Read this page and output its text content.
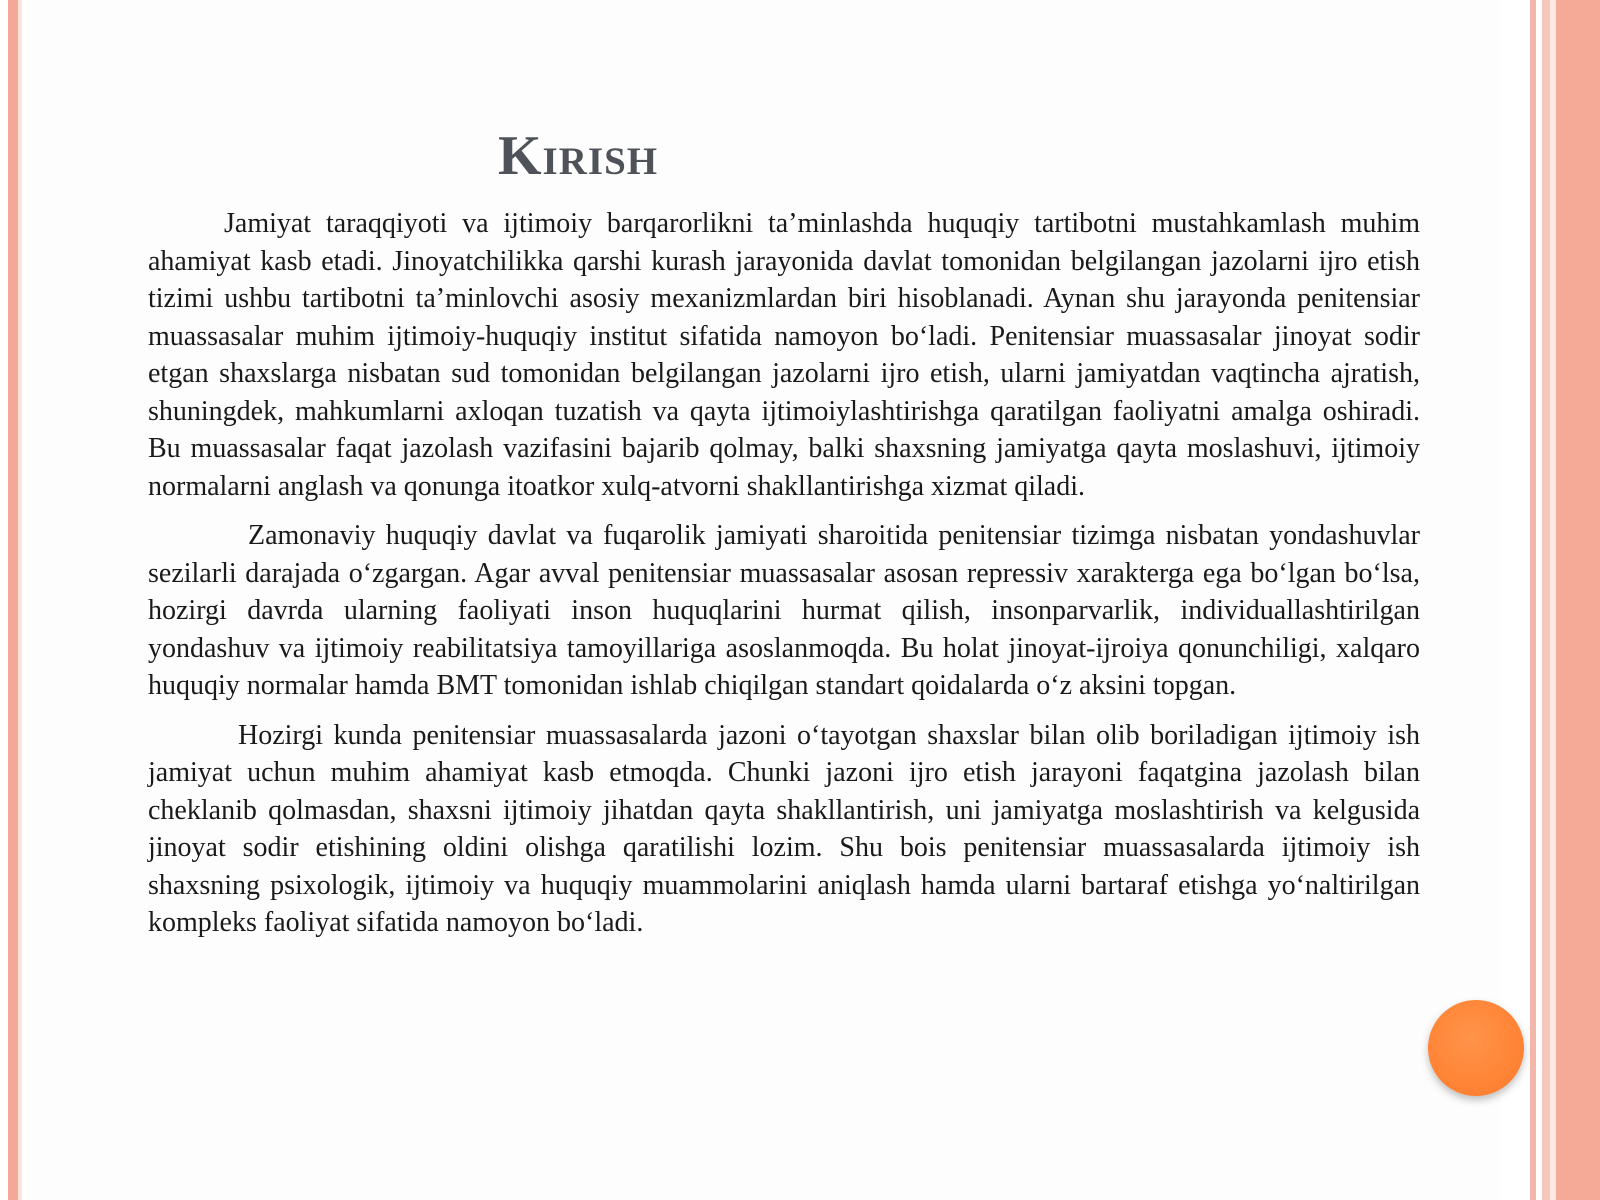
Kirish

Jamiyat taraqqiyoti va ijtimoiy barqarorlikni ta’minlashda huquqiy tartibotni mustahkamlash muhim ahamiyat kasb etadi. Jinoyatchilikka qarshi kurash jarayonida davlat tomonidan belgilangan jazolarni ijro etish tizimi ushbu tartibotni ta’minlovchi asosiy mexanizmlardan biri hisoblanadi. Aynan shu jarayonda penitensiar muassasalar muhim ijtimoiy-huquqiy institut sifatida namoyon bo‘ladi. Penitensiar muassasalar jinoyat sodir etgan shaxslarga nisbatan sud tomonidan belgilangan jazolarni ijro etish, ularni jamiyatdan vaqtincha ajratish, shuningdek, mahkumlarni axloqan tuzatish va qayta ijtimoiylashtirishga qaratilgan faoliyatni amalga oshiradi. Bu muassasalar faqat jazolash vazifasini bajarib qolmay, balki shaxsning jamiyatga qayta moslashuvi, ijtimoiy normalarni anglash va qonunga itoatkor xulq-atvorni shakllantirishga xizmat qiladi.

Zamonaviy huquqiy davlat va fuqarolik jamiyati sharoitida penitensiar tizimga nisbatan yondashuvlar sezilarli darajada o‘zgargan. Agar avval penitensiar muassasalar asosan repressiv xarakterga ega bo‘lgan bo‘lsa, hozirgi davrda ularning faoliyati inson huquqlarini hurmat qilish, insonparvarlik, individuallashtirilgan yondashuv va ijtimoiy reabilitatsiya tamoyillariga asoslanmoqda. Bu holat jinoyat-ijroiya qonunchiligi, xalqaro huquqiy normalar hamda BMT tomonidan ishlab chiqilgan standart qoidalarda o‘z aksini topgan.

Hozirgi kunda penitensiar muassasalarda jazoni o‘tayotgan shaxslar bilan olib boriladigan ijtimoiy ish jamiyat uchun muhim ahamiyat kasb etmoqda. Chunki jazoni ijro etish jarayoni faqatgina jazolash bilan cheklanib qolmasdan, shaxsni ijtimoiy jihatdan qayta shakllantirish, uni jamiyatga moslashtirish va kelgusida jinoyat sodir etishining oldini olishga qaratilishi lozim. Shu bois penitensiar muassasalarda ijtimoiy ish shaxsning psixologik, ijtimoiy va huquqiy muammolarini aniqlash hamda ularni bartaraf etishga yo‘naltirilgan kompleks faoliyat sifatida namoyon bo‘ladi.
